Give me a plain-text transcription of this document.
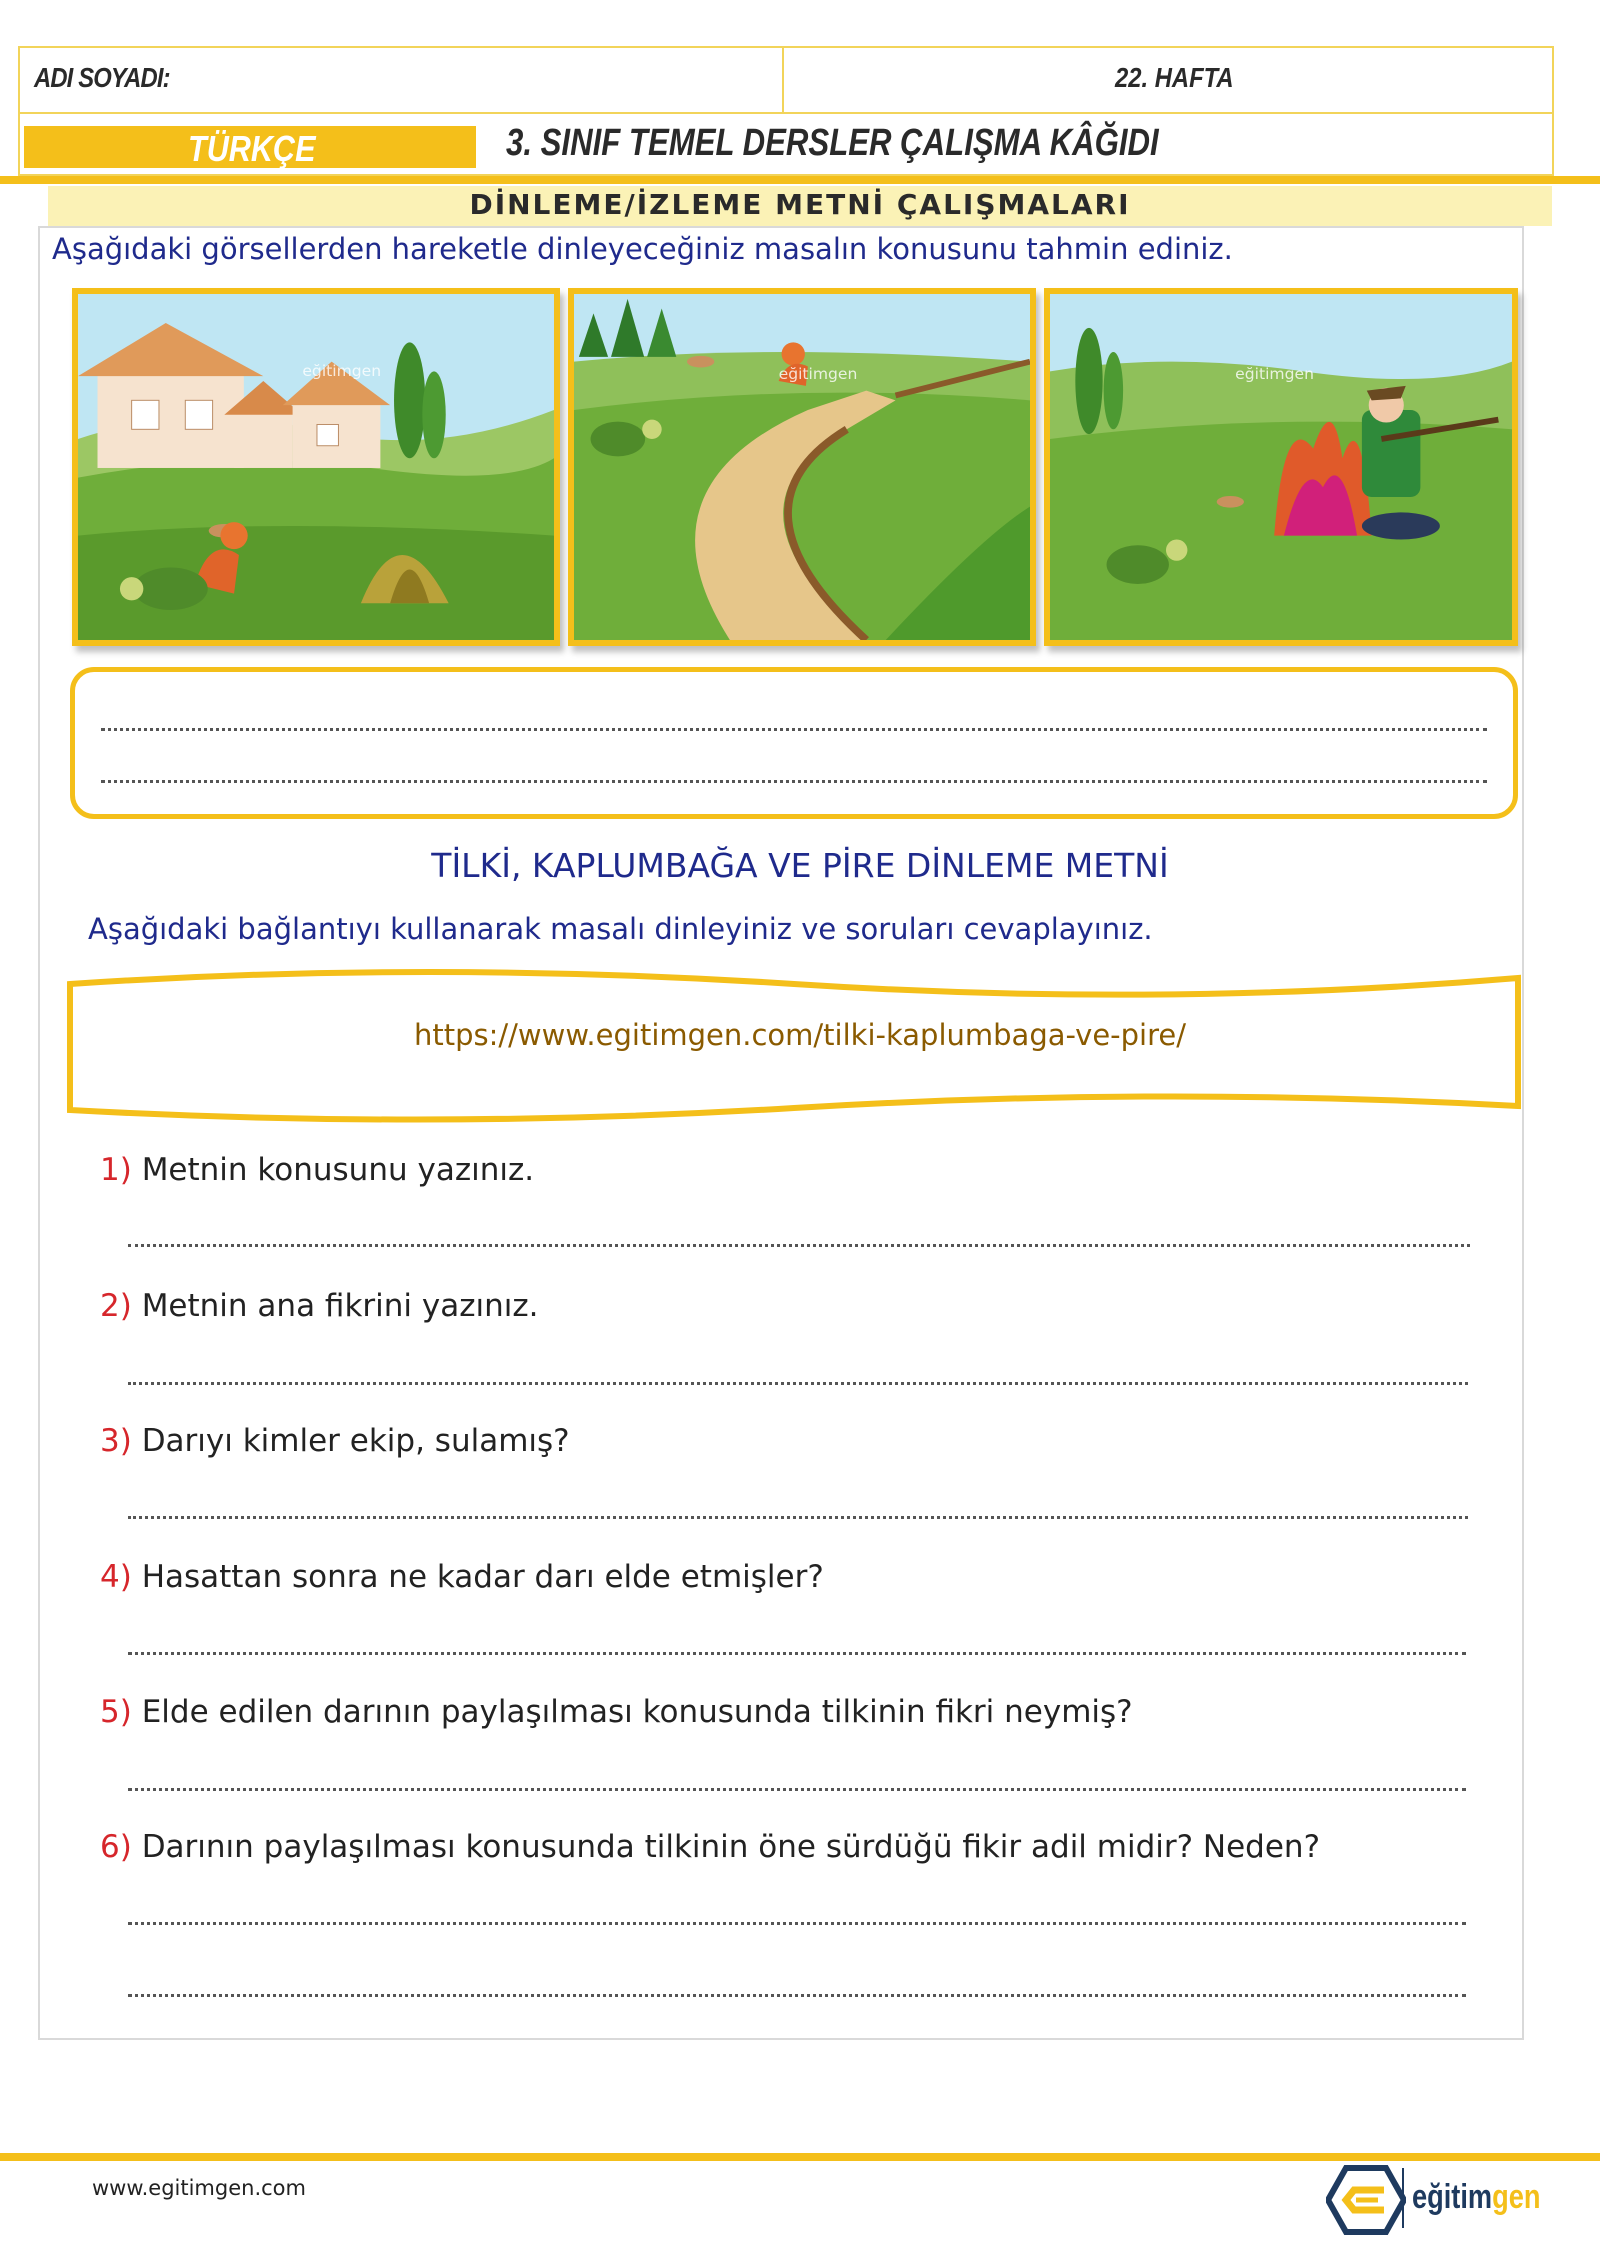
ADI SOYADI:	22. HAFTA
TÜRKÇE	3. SINIF TEMEL DERSLER ÇALIŞMA KÂĞIDI
DİNLEME/İZLEME METNİ ÇALIŞMALARI
Aşağıdaki görsellerden hareketle dinleyeceğiniz masalın konusunu tahmin ediniz.
eğitimgen	eğitimgen	eğitimgen
TİLKİ, KAPLUMBAĞA VE PİRE DİNLEME METNİ
Aşağıdaki bağlantıyı kullanarak masalı dinleyiniz ve soruları cevaplayınız.
https://www.egitimgen.com/tilki-kaplumbaga-ve-pire/
1) Metnin konusunu yazınız.
2) Metnin ana fikrini yazınız.
3) Darıyı kimler ekip, sulamış?
4) Hasattan sonra ne kadar darı elde etmişler?
5) Elde edilen darının paylaşılması konusunda tilkinin fikri neymiş?
6) Darının paylaşılması konusunda tilkinin öne sürdüğü fikir adil midir? Neden?
www.egitimgen.com	eğitimgen
